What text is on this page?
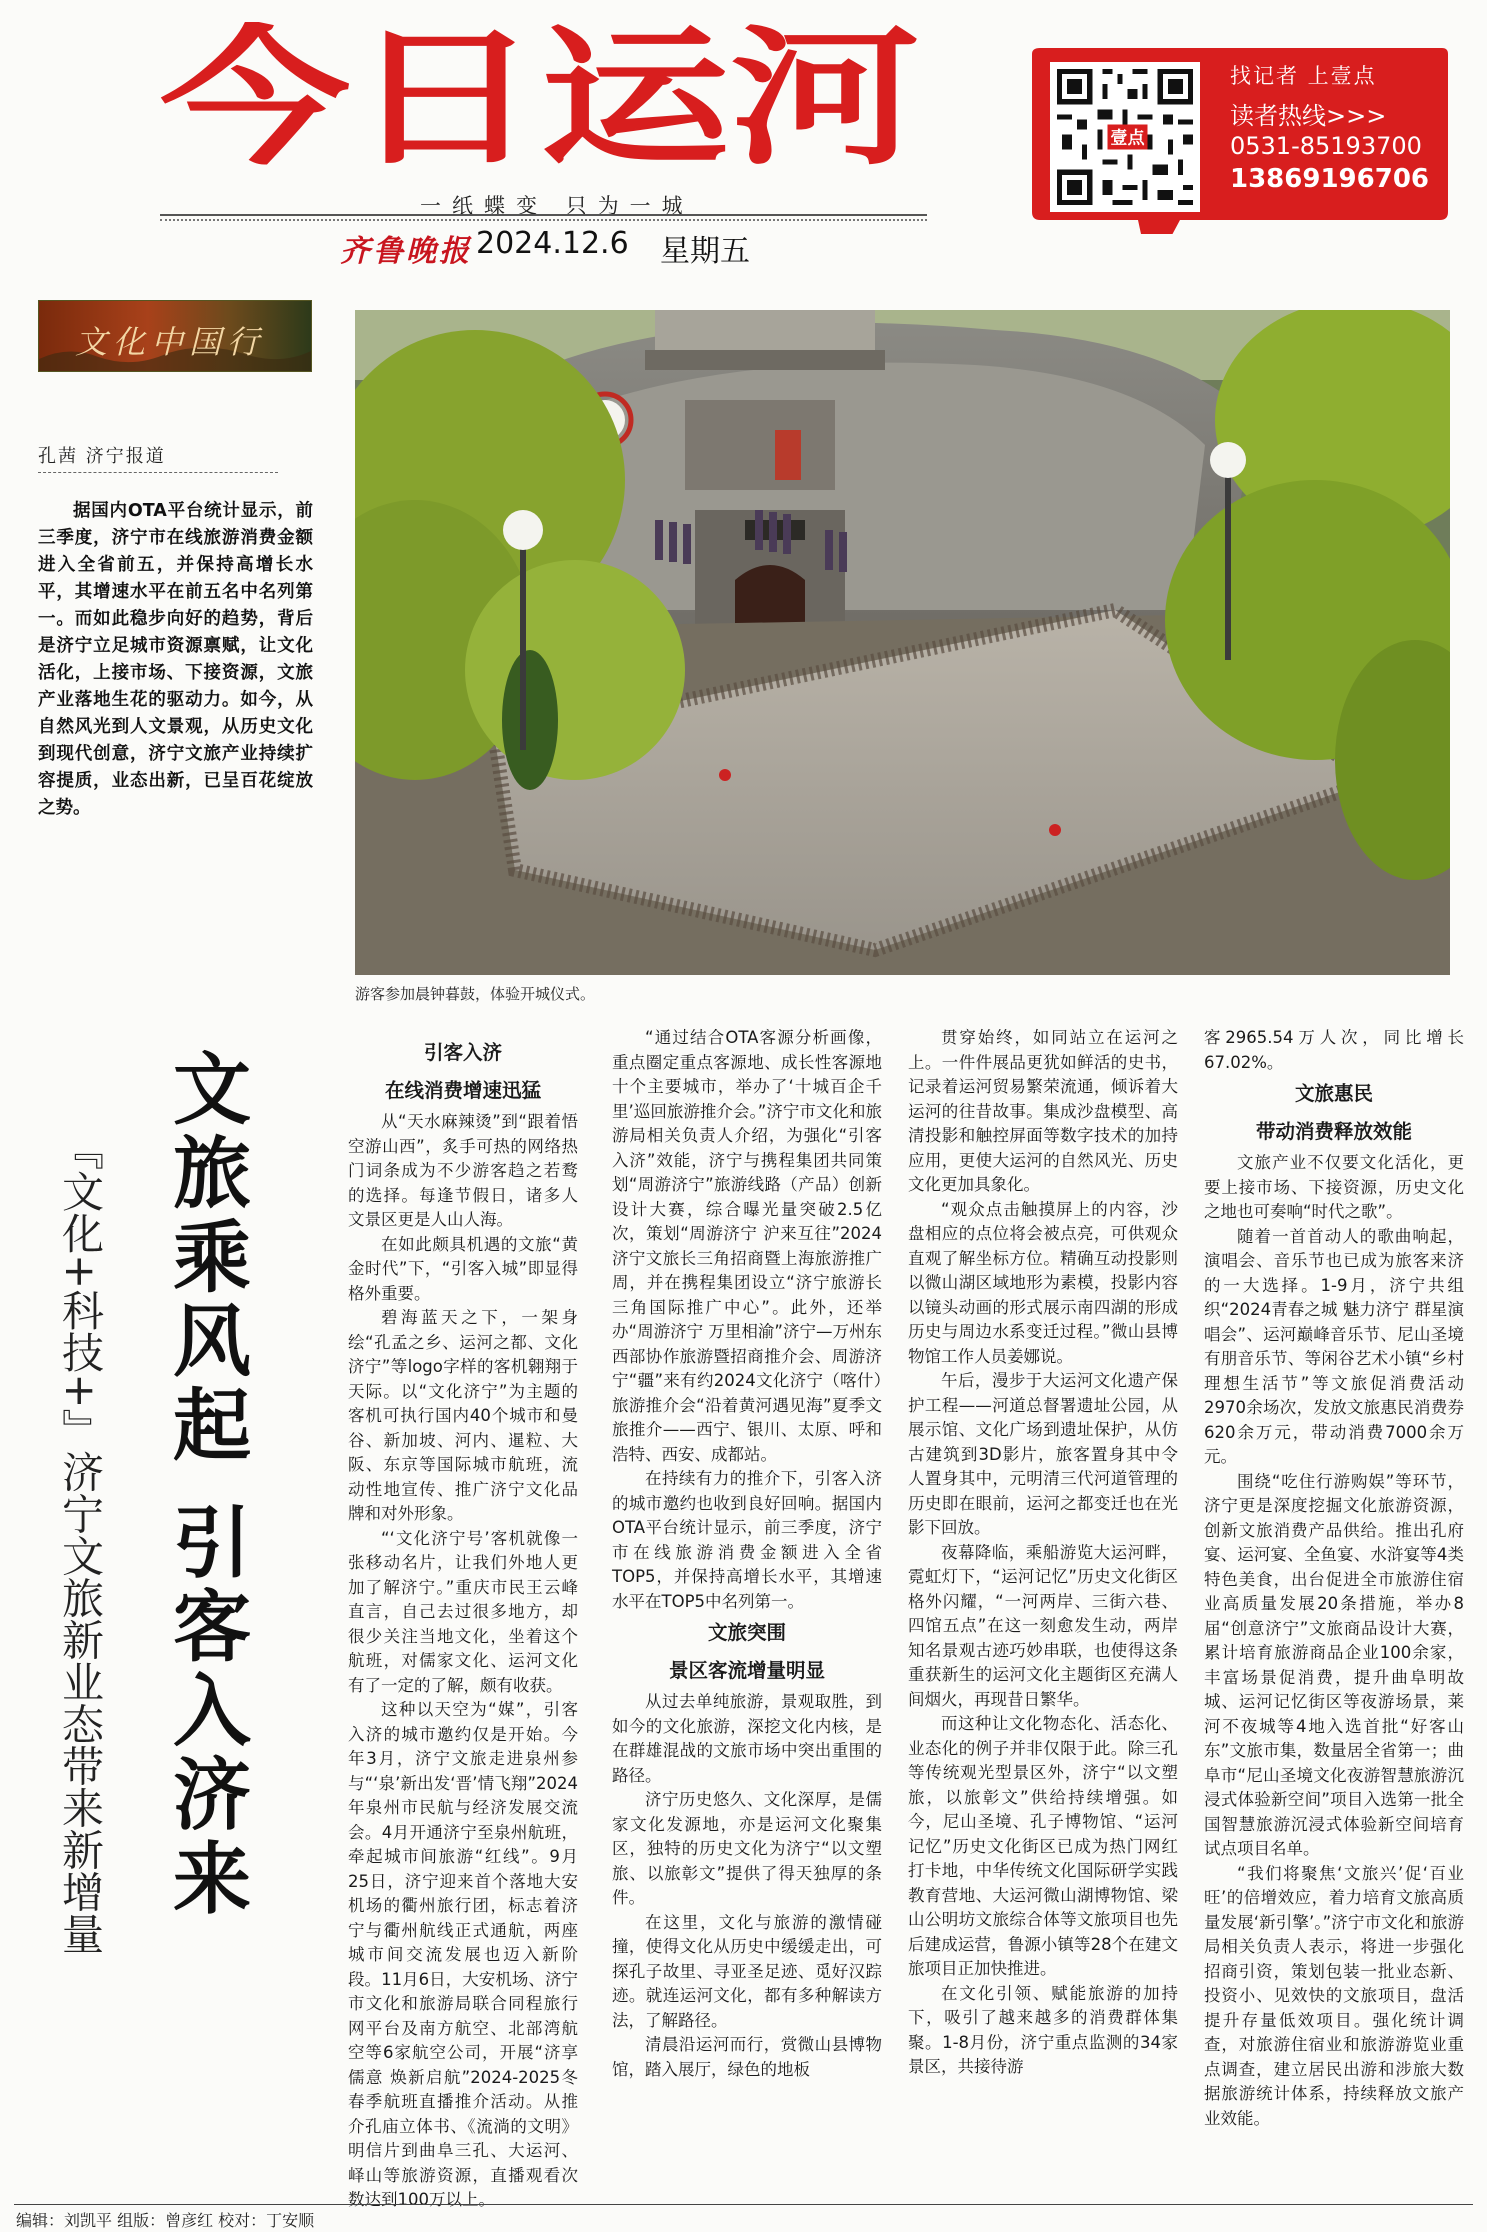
今日运河
一纸蝶变 只为一城
齐鲁晚报 2024.12.6 星期五
壹点
找记者 上壹点
读者热线>>>
0531-85193700
13869196706
文化中国行
孔茜 济宁报道
据国内OTA平台统计显示，前三季度，济宁市在线旅游消费金额进入全省前五，并保持高增长水平，其增速水平在前五名中名列第一。而如此稳步向好的趋势，背后是济宁立足城市资源禀赋，让文化活化，上接市场、下接资源，文旅产业落地生花的驱动力。如今，从自然风光到人文景观，从历史文化到现代创意，济宁文旅产业持续扩容提质，业态出新，已呈百花绽放之势。
游客参加晨钟暮鼓，体验开城仪式。
文旅乘风起 引客入济来
『文化+科技+』济宁文旅新业态带来新增量

引客入济

在线消费增速迅猛

从“天水麻辣烫”到“跟着悟空游山西”，炙手可热的网络热门词条成为不少游客趋之若鹜的选择。每逢节假日，诸多人文景区更是人山人海。

在如此颇具机遇的文旅“黄金时代”下，“引客入城”即显得格外重要。

碧海蓝天之下，一架身绘“孔孟之乡、运河之都、文化济宁”等logo字样的客机翱翔于天际。以“文化济宁”为主题的客机可执行国内40个城市和曼谷、新加坡、河内、暹粒、大阪、东京等国际城市航班，流动性地宣传、推广济宁文化品牌和对外形象。

“‘文化济宁号’客机就像一张移动名片，让我们外地人更加了解济宁。”重庆市民王云峰直言，自己去过很多地方，却很少关注当地文化，坐着这个航班，对儒家文化、运河文化有了一定的了解，颇有收获。

这种以天空为“媒”，引客入济的城市邀约仅是开始。今年3月，济宁文旅走进泉州参与“‘泉’新出发‘晋’情飞翔”2024年泉州市民航与经济发展交流会。4月开通济宁至泉州航班，牵起城市间旅游“红线”。9月25日，济宁迎来首个落地大安机场的衢州旅行团，标志着济宁与衢州航线正式通航，两座城市间交流发展也迈入新阶段。11月6日，大安机场、济宁市文化和旅游局联合同程旅行网平台及南方航空、北部湾航空等6家航空公司，开展“济享儒意 焕新启航”2024-2025冬春季航班直播推介活动。从推介孔庙立体书、《流淌的文明》明信片到曲阜三孔、大运河、峄山等旅游资源，直播观看次数达到100万以上。

“通过结合OTA客源分析画像，重点圈定重点客源地、成长性客源地十个主要城市，举办了‘十城百企千里’巡回旅游推介会。”济宁市文化和旅游局相关负责人介绍，为强化“引客入济”效能，济宁与携程集团共同策划“周游济宁”旅游线路（产品）创新设计大赛，综合曝光量突破2.5亿次，策划“周游济宁 沪来互往”2024济宁文旅长三角招商暨上海旅游推广周，并在携程集团设立“济宁旅游长三角国际推广中心”。此外，还举办“周游济宁 万里相渝”济宁—万州东西部协作旅游暨招商推介会、周游济宁“疆”来有约2024文化济宁（喀什）旅游推介会“沿着黄河遇见海”夏季文旅推介——西宁、银川、太原、呼和浩特、西安、成都站。

在持续有力的推介下，引客入济的城市邀约也收到良好回响。据国内OTA平台统计显示，前三季度，济宁市在线旅游消费金额进入全省TOP5，并保持高增长水平，其增速水平在TOP5中名列第一。

文旅突围

景区客流增量明显

从过去单纯旅游，景观取胜，到如今的文化旅游，深挖文化内核，是在群雄混战的文旅市场中突出重围的路径。

济宁历史悠久、文化深厚，是儒家文化发源地，亦是运河文化聚集区，独特的历史文化为济宁“以文塑旅、以旅彰文”提供了得天独厚的条件。

在这里，文化与旅游的激情碰撞，使得文化从历史中缓缓走出，可探孔子故里、寻亚圣足迹、觅好汉踪迹。就连运河文化，都有多种解读方法，了解路径。

清晨沿运河而行，赏微山县博物馆，踏入展厅，绿色的地板

贯穿始终，如同站立在运河之上。一件件展品更犹如鲜活的史书，记录着运河贸易繁荣流通，倾诉着大运河的往昔故事。集成沙盘模型、高清投影和触控屏面等数字技术的加持应用，更使大运河的自然风光、历史文化更加具象化。

“观众点击触摸屏上的内容，沙盘相应的点位将会被点亮，可供观众直观了解坐标方位。精确互动投影则以微山湖区域地形为素模，投影内容以镜头动画的形式展示南四湖的形成历史与周边水系变迁过程。”微山县博物馆工作人员姜娜说。

午后，漫步于大运河文化遗产保护工程——河道总督署遗址公园，从展示馆、文化广场到遗址保护，从仿古建筑到3D影片，旅客置身其中令人置身其中，元明清三代河道管理的历史即在眼前，运河之都变迁也在光影下回放。

夜幕降临，乘船游览大运河畔，霓虹灯下，“运河记忆”历史文化街区格外闪耀，“一河两岸、三街六巷、四馆五点”在这一刻愈发生动，两岸知名景观古迹巧妙串联，也使得这条重获新生的运河文化主题街区充满人间烟火，再现昔日繁华。

而这种让文化物态化、活态化、业态化的例子并非仅限于此。除三孔等传统观光型景区外，济宁“以文塑旅，以旅彰文”供给持续增强。如今，尼山圣境、孔子博物馆、“运河记忆”历史文化街区已成为热门网红打卡地，中华传统文化国际研学实践教育营地、大运河微山湖博物馆、梁山公明坊文旅综合体等文旅项目也先后建成运营，鲁源小镇等28个在建文旅项目正加快推进。

在文化引领、赋能旅游的加持下，吸引了越来越多的消费群体集聚。1-8月份，济宁重点监测的34家景区，共接待游

客2965.54万人次，同比增长67.02%。

文旅惠民

带动消费释放效能

文旅产业不仅要文化活化，更要上接市场、下接资源，历史文化之地也可奏响“时代之歌”。

随着一首首动人的歌曲响起，演唱会、音乐节也已成为旅客来济的一大选择。1-9月，济宁共组织“2024青春之城 魅力济宁 群星演唱会”、运河巅峰音乐节、尼山圣境有朋音乐节、等闲谷艺术小镇“乡村理想生活节”等文旅促消费活动2970余场次，发放文旅惠民消费券620余万元，带动消费7000余万元。

围绕“吃住行游购娱”等环节，济宁更是深度挖掘文化旅游资源，创新文旅消费产品供给。推出孔府宴、运河宴、全鱼宴、水浒宴等4类特色美食，出台促进全市旅游住宿业高质量发展20条措施，举办8届“创意济宁”文旅商品设计大赛，累计培育旅游商品企业100余家，丰富场景促消费，提升曲阜明故城、运河记忆街区等夜游场景，莱河不夜城等4地入选首批“好客山东”文旅市集，数量居全省第一；曲阜市“尼山圣境文化夜游智慧旅游沉浸式体验新空间”项目入选第一批全国智慧旅游沉浸式体验新空间培育试点项目名单。

“我们将聚焦‘文旅兴’促‘百业旺’的倍增效应，着力培育文旅高质量发展‘新引擎’。”济宁市文化和旅游局相关负责人表示，将进一步强化招商引资，策划包装一批业态新、投资小、见效快的文旅项目，盘活提升存量低效项目。强化统计调查，对旅游住宿业和旅游游览业重点调查，建立居民出游和涉旅大数据旅游统计体系，持续释放文旅产业效能。

编辑：刘凯平 组版：曾彦红 校对：丁安顺
